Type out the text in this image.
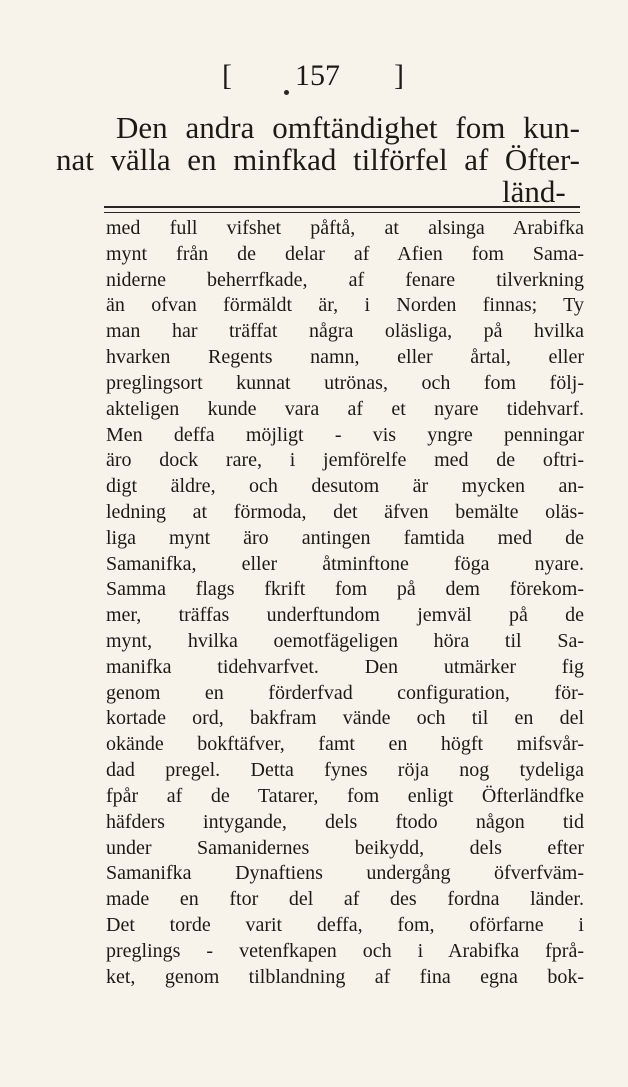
[ 157 ]
Den andra omftändighet fom kun-
nat välla en minfkad tilförfel af Öfter-
länd-
med full vifshet påftå, at alsinga Arabifka
mynt från de delar af Afien fom Sama-
niderne beherrfkade, af fenare tilverkning
än ofvan förmäldt är, i Norden finnas; Ty
man har träffat några oläsliga, på hvilka
hvarken Regents namn, eller årtal, eller
preglingsort kunnat utrönas, och fom följ-
akteligen kunde vara af et nyare tidehvarf.
Men deffa möjligt - vis yngre penningar
äro dock rare, i jemförelfe med de oftri-
digt äldre, och desutom är mycken an-
ledning at förmoda, det äfven bemälte oläs-
liga mynt äro antingen famtida med de
Samanifka, eller åtminftone föga nyare.
Samma flags fkrift fom på dem förekom-
mer, träffas underftundom jemväl på de
mynt, hvilka oemotfägeligen höra til Sa-
manifka tidehvarfvet. Den utmärker fig
genom en förderfvad configuration, för-
kortade ord, bakfram vände och til en del
okände bokftäfver, famt en högft mifsvår-
dad pregel. Detta fynes röja nog tydeliga
fpår af de Tatarer, fom enligt Öfterländfke
häfders intygande, dels ftodo någon tid
under Samanidernes beikydd, dels efter
Samanifka Dynaftiens undergång öfverfväm-
made en ftor del af des fordna länder.
Det torde varit deffa, fom, oförfarne i
preglings - vetenfkapen och i Arabifka fprå-
ket, genom tilblandning af fina egna bok-
